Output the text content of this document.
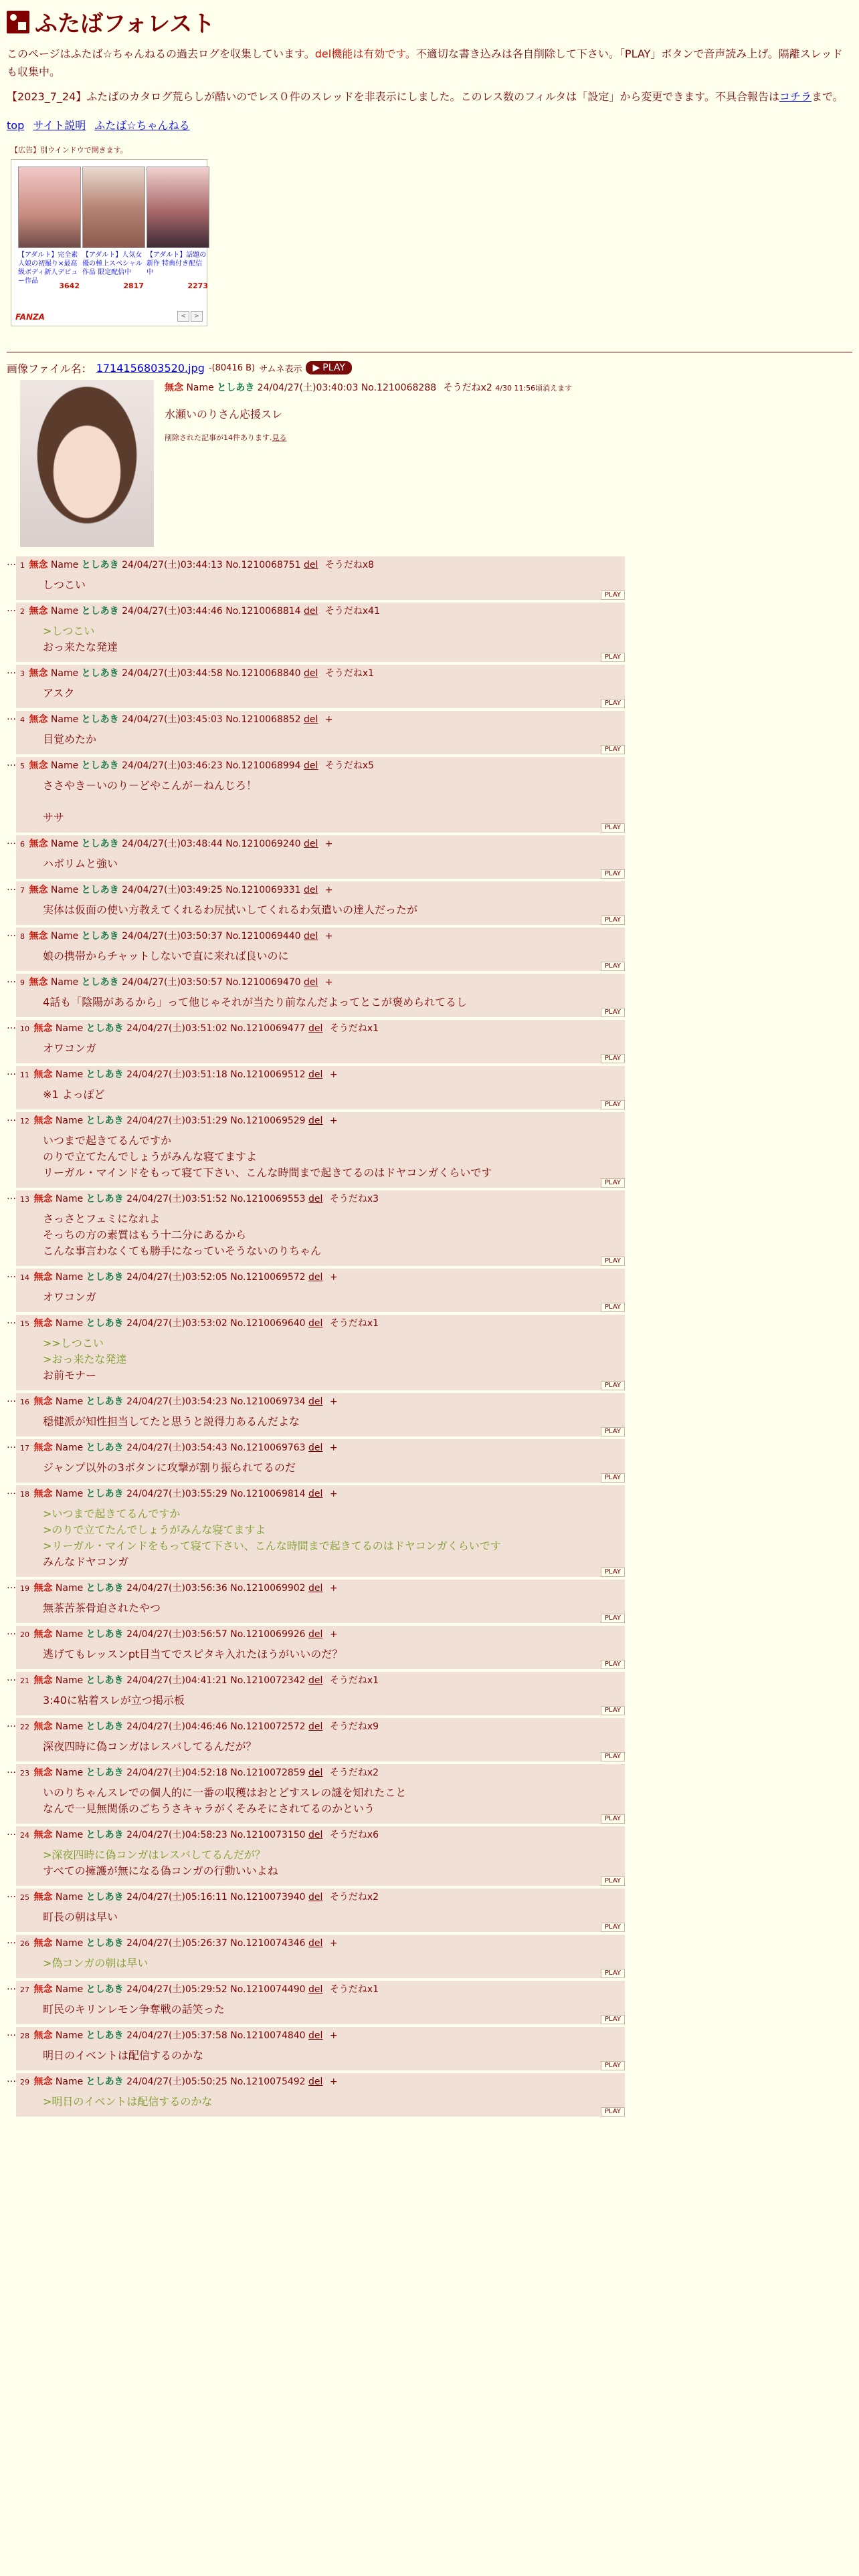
ふたばフォレスト

このページはふたば☆ちゃんねるの過去ログを収集しています。del機能は有効です。不適切な書き込みは各自削除して下さい。「PLAY」ボタンで音声読み上げ。隔離スレッドも収集中。

【2023_7_24】ふたばのカタログ荒らしが酷いのでレス０件のスレッドを非表示にしました。このレス数のフィルタは「設定」から変更できます。不具合報告はコチラまで。

top サイト説明 ふたば☆ちゃんねる
【広告】別ウインドウで開きます。
【アダルト】完全素人娘の初撮り×最高級ボディ新人デビュー作品
3642
【アダルト】人気女優の極上スペシャル作品 限定配信中
2817
【アダルト】話題の新作 特典付き配信中
2273
FANZA	<	>
画像ファイル名： 1714156803520.jpg -(80416 B) サムネ表示 ▶ PLAY
無念 Name としあき 24/04/27(土)03:40:03 No.1210068288 そうだねx2 4/30 11:56頃消えます
水瀬いのりさん応援スレ
削除された記事が14件あります.見る
… 1 無念 Name としあき 24/04/27(土)03:44:13 No.1210068751 del そうだねx8
しつこい
PLAY
… 2 無念 Name としあき 24/04/27(土)03:44:46 No.1210068814 del そうだねx41
>しつこい
おっ来たな発達
PLAY
… 3 無念 Name としあき 24/04/27(土)03:44:58 No.1210068840 del そうだねx1
アスク
PLAY
… 4 無念 Name としあき 24/04/27(土)03:45:03 No.1210068852 del +
目覚めたか
PLAY
… 5 無念 Name としあき 24/04/27(土)03:46:23 No.1210068994 del そうだねx5
ささやき－いのり－どやこんが－ねんじろ！
ササ
PLAY
… 6 無念 Name としあき 24/04/27(土)03:48:44 No.1210069240 del +
ハボリムと強い
PLAY
… 7 無念 Name としあき 24/04/27(土)03:49:25 No.1210069331 del +
実体は仮面の使い方教えてくれるわ尻拭いしてくれるわ気遣いの達人だったが
PLAY
… 8 無念 Name としあき 24/04/27(土)03:50:37 No.1210069440 del +
娘の携帯からチャットしないで直に来れば良いのに
PLAY
… 9 無念 Name としあき 24/04/27(土)03:50:57 No.1210069470 del +
4話も「陰陽があるから」って他じゃそれが当たり前なんだよってとこが褒められてるし
PLAY
… 10 無念 Name としあき 24/04/27(土)03:51:02 No.1210069477 del そうだねx1
オワコンガ
PLAY
… 11 無念 Name としあき 24/04/27(土)03:51:18 No.1210069512 del +
※1 よっぽど
PLAY
… 12 無念 Name としあき 24/04/27(土)03:51:29 No.1210069529 del +
いつまで起きてるんですか
のりで立てたんでしょうがみんな寝てますよ
リーガル・マインドをもって寝て下さい、こんな時間まで起きてるのはドヤコンガくらいです
PLAY
… 13 無念 Name としあき 24/04/27(土)03:51:52 No.1210069553 del そうだねx3
さっさとフェミになれよ
そっちの方の素質はもう十二分にあるから
こんな事言わなくても勝手になっていそうないのりちゃん
PLAY
… 14 無念 Name としあき 24/04/27(土)03:52:05 No.1210069572 del +
オワコンガ
PLAY
… 15 無念 Name としあき 24/04/27(土)03:53:02 No.1210069640 del そうだねx1
>>しつこい
>おっ来たな発達
お前モナー
PLAY
… 16 無念 Name としあき 24/04/27(土)03:54:23 No.1210069734 del +
穏健派が知性担当してたと思うと説得力あるんだよな
PLAY
… 17 無念 Name としあき 24/04/27(土)03:54:43 No.1210069763 del +
ジャンプ以外の3ボタンに攻撃が割り振られてるのだ
PLAY
… 18 無念 Name としあき 24/04/27(土)03:55:29 No.1210069814 del +
>いつまで起きてるんですか
>のりで立てたんでしょうがみんな寝てますよ
>リーガル・マインドをもって寝て下さい、こんな時間まで起きてるのはドヤコンガくらいです
みんなドヤコンガ
PLAY
… 19 無念 Name としあき 24/04/27(土)03:56:36 No.1210069902 del +
無茶苦茶骨迫されたやつ
PLAY
… 20 無念 Name としあき 24/04/27(土)03:56:57 No.1210069926 del +
逃げてもレッスンpt目当てでスピタキ入れたほうがいいのだ？
PLAY
… 21 無念 Name としあき 24/04/27(土)04:41:21 No.1210072342 del そうだねx1
3:40に粘着スレが立つ掲示板
PLAY
… 22 無念 Name としあき 24/04/27(土)04:46:46 No.1210072572 del そうだねx9
深夜四時に偽コンガはレスバしてるんだが？
PLAY
… 23 無念 Name としあき 24/04/27(土)04:52:18 No.1210072859 del そうだねx2
いのりちゃんスレでの個人的に一番の収穫はおとどすスレの謎を知れたこと
なんで一見無関係のごちうさキャラがくそみそにされてるのかという
PLAY
… 24 無念 Name としあき 24/04/27(土)04:58:23 No.1210073150 del そうだねx6
>深夜四時に偽コンガはレスバしてるんだが？
すべての擁護が無になる偽コンガの行動いいよね
PLAY
… 25 無念 Name としあき 24/04/27(土)05:16:11 No.1210073940 del そうだねx2
町長の朝は早い
PLAY
… 26 無念 Name としあき 24/04/27(土)05:26:37 No.1210074346 del +
>偽コンガの朝は早い
PLAY
… 27 無念 Name としあき 24/04/27(土)05:29:52 No.1210074490 del そうだねx1
町民のキリンレモン争奪戦の話笑った
PLAY
… 28 無念 Name としあき 24/04/27(土)05:37:58 No.1210074840 del +
明日のイベントは配信するのかな
PLAY
… 29 無念 Name としあき 24/04/27(土)05:50:25 No.1210075492 del +
>明日のイベントは配信するのかな
PLAY
